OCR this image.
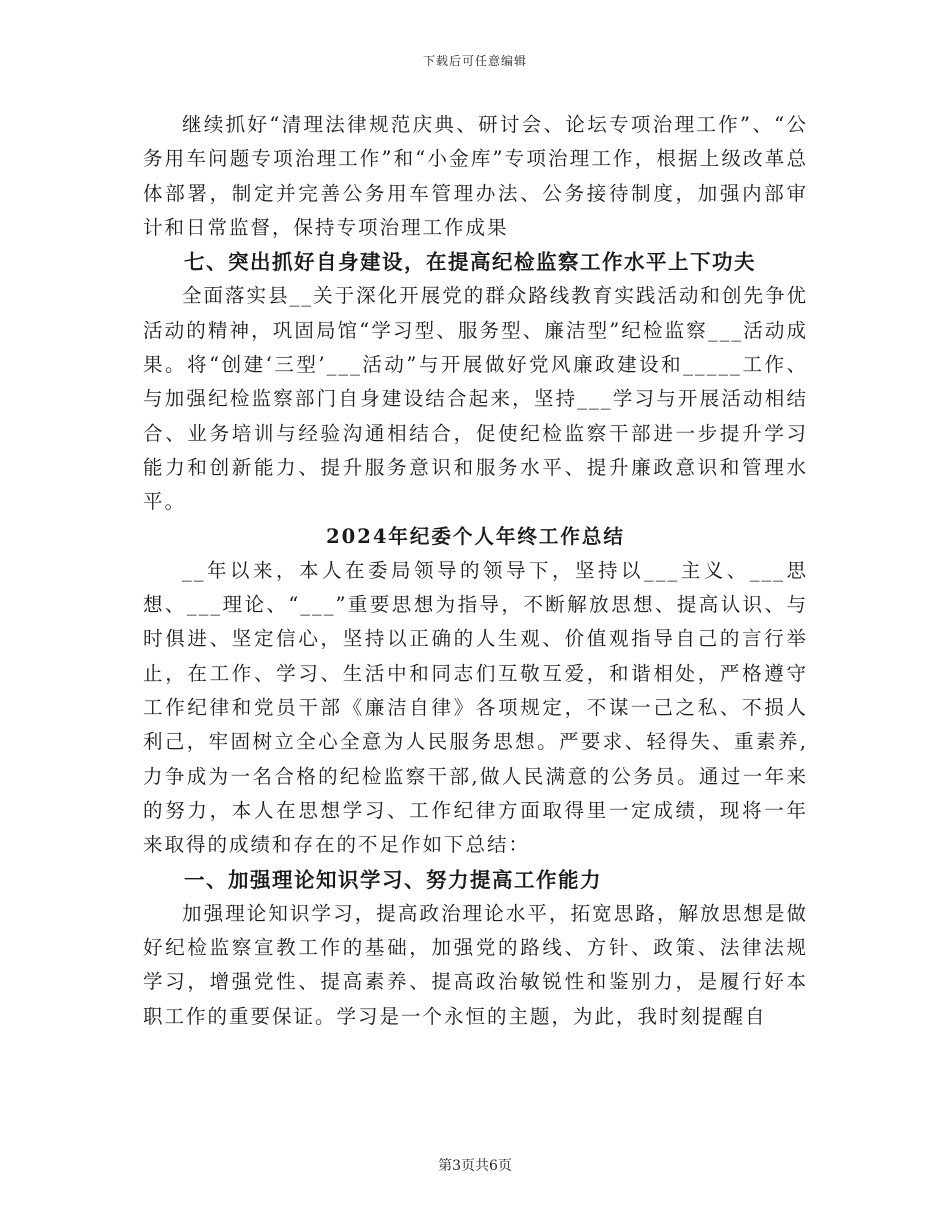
下载后可任意编辑

继续抓好“清理法律规范庆典、研讨会、论坛专项治理工作”、“公务用车问题专项治理工作”和“小金库”专项治理工作，根据上级改革总体部署，制定并完善公务用车管理办法、公务接待制度，加强内部审计和日常监督，保持专项治理工作成果

七、突出抓好自身建设，在提高纪检监察工作水平上下功夫

全面落实县__关于深化开展党的群众路线教育实践活动和创先争优活动的精神，巩固局馆“学习型、服务型、廉洁型”纪检监察___活动成果。将“创建‘三型’___活动”与开展做好党风廉政建设和_____工作、与加强纪检监察部门自身建设结合起来，坚持___学习与开展活动相结合、业务培训与经验沟通相结合，促使纪检监察干部进一步提升学习能力和创新能力、提升服务意识和服务水平、提升廉政意识和管理水平。

2024年纪委个人年终工作总结

__年以来，本人在委局领导的领导下，坚持以___主义、___思想、___理论、“___”重要思想为指导，不断解放思想、提高认识、与时俱进、坚定信心，坚持以正确的人生观、价值观指导自己的言行举止，在工作、学习、生活中和同志们互敬互爱，和谐相处，严格遵守工作纪律和党员干部《廉洁自律》各项规定，不谋一己之私、不损人利己，牢固树立全心全意为人民服务思想。严要求、轻得失、重素养,力争成为一名合格的纪检监察干部,做人民满意的公务员。通过一年来的努力，本人在思想学习、工作纪律方面取得里一定成绩，现将一年来取得的成绩和存在的不足作如下总结：

一、加强理论知识学习、努力提高工作能力

加强理论知识学习，提高政治理论水平，拓宽思路，解放思想是做好纪检监察宣教工作的基础，加强党的路线、方针、政策、法律法规学习，增强党性、提高素养、提高政治敏锐性和鉴别力，是履行好本职工作的重要保证。学习是一个永恒的主题，为此，我时刻提醒自

第3页共6页
